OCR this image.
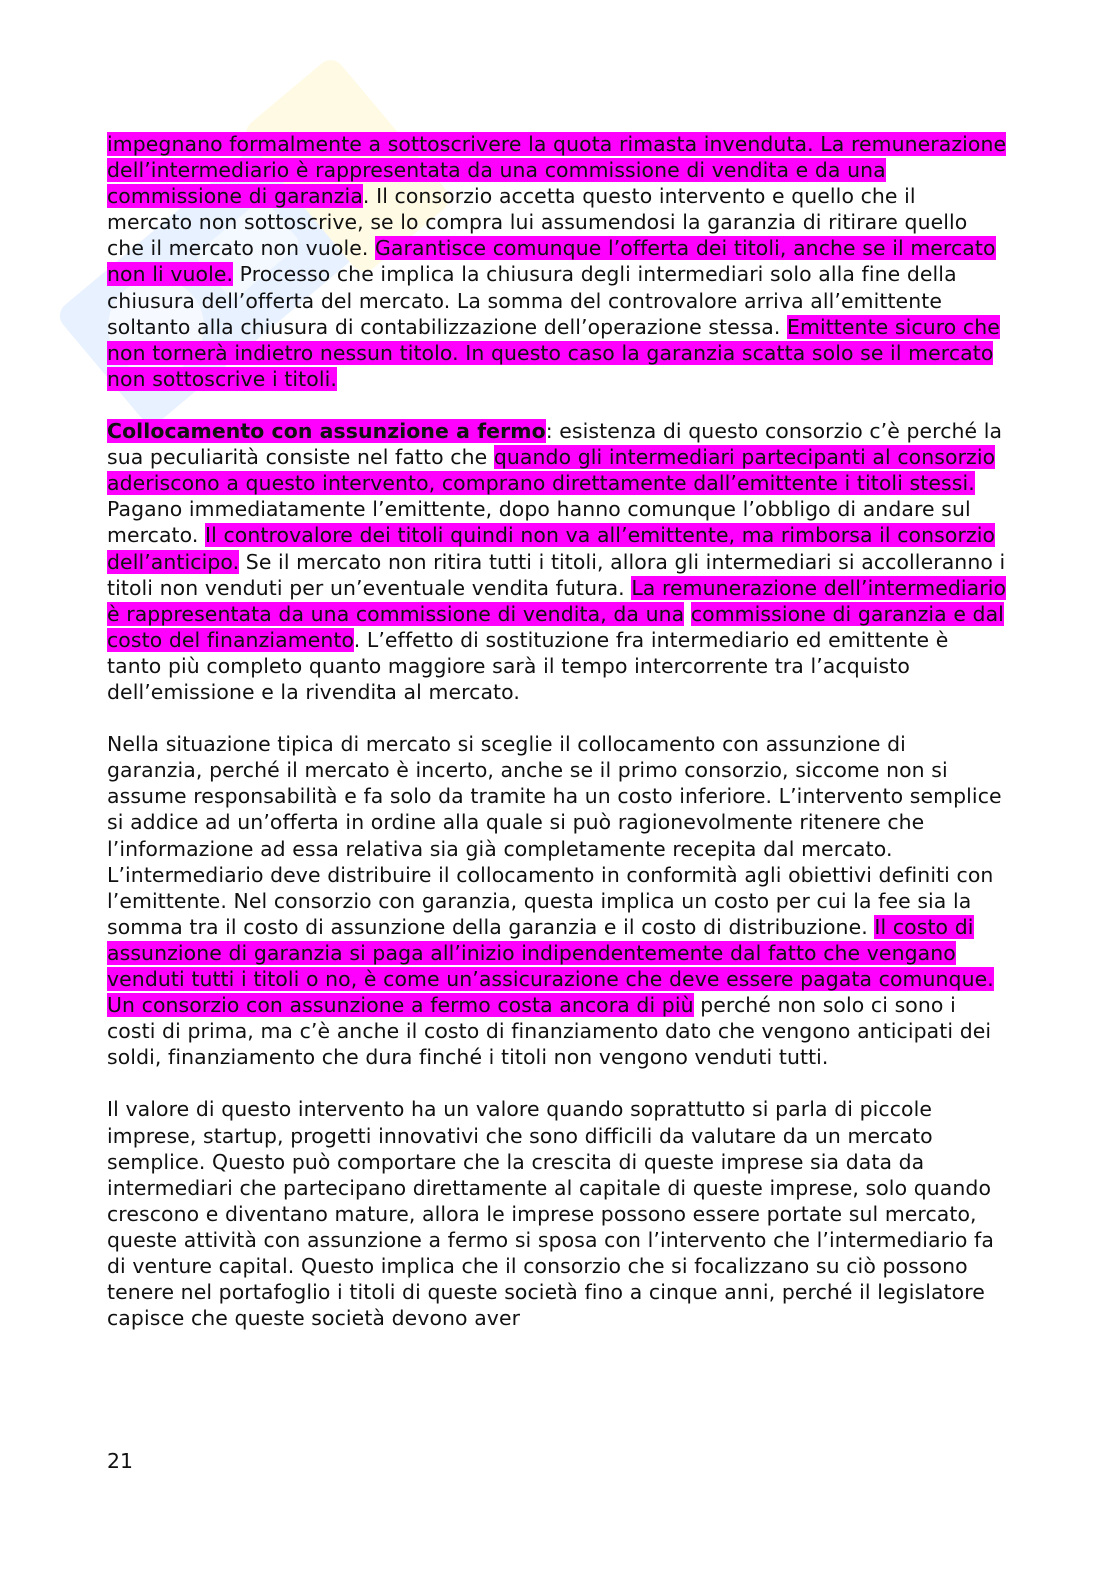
impegnano formalmente a sottoscrivere la quota rimasta invenduta. La remunerazione dell’intermediario è rappresentata da una commissione di vendita e da una commissione di garanzia. Il consorzio accetta questo intervento e quello che il mercato non sottoscrive, se lo compra lui assumendosi la garanzia di ritirare quello che il mercato non vuole. Garantisce comunque l’offerta dei titoli, anche se il mercato non li vuole. Processo che implica la chiusura degli intermediari solo alla fine della chiusura dell’offerta del mercato. La somma del controvalore arriva all’emittente soltanto alla chiusura di contabilizzazione dell’operazione stessa. Emittente sicuro che non tornerà indietro nessun titolo. In questo caso la garanzia scatta solo se il mercato non sottoscrive i titoli.

Collocamento con assunzione a fermo: esistenza di questo consorzio c’è perché la sua peculiarità consiste nel fatto che quando gli intermediari partecipanti al consorzio aderiscono a questo intervento, comprano direttamente dall’emittente i titoli stessi. Pagano immediatamente l’emittente, dopo hanno comunque l’obbligo di andare sul mercato. Il controvalore dei titoli quindi non va all’emittente, ma rimborsa il consorzio dell’anticipo. Se il mercato non ritira tutti i titoli, allora gli intermediari si accolleranno i titoli non venduti per un’eventuale vendita futura. La remunerazione dell’intermediario è rappresentata da una commissione di vendita, da una commissione di garanzia e dal costo del finanziamento. L’effetto di sostituzione fra intermediario ed emittente è tanto più completo quanto maggiore sarà il tempo intercorrente tra l’acquisto dell’emissione e la rivendita al mercato.

Nella situazione tipica di mercato si sceglie il collocamento con assunzione di garanzia, perché il mercato è incerto, anche se il primo consorzio, siccome non si assume responsabilità e fa solo da tramite ha un costo inferiore. L’intervento semplice si addice ad un’offerta in ordine alla quale si può ragionevolmente ritenere che l’informazione ad essa relativa sia già completamente recepita dal mercato. L’intermediario deve distribuire il collocamento in conformità agli obiettivi definiti con l’emittente. Nel consorzio con garanzia, questa implica un costo per cui la fee sia la somma tra il costo di assunzione della garanzia e il costo di distribuzione. Il costo di assunzione di garanzia si paga all’inizio indipendentemente dal fatto che vengano venduti tutti i titoli o no, è come un’assicurazione che deve essere pagata comunque. Un consorzio con assunzione a fermo costa ancora di più perché non solo ci sono i costi di prima, ma c’è anche il costo di finanziamento dato che vengono anticipati dei soldi, finanziamento che dura finché i titoli non vengono venduti tutti.

Il valore di questo intervento ha un valore quando soprattutto si parla di piccole imprese, startup, progetti innovativi che sono difficili da valutare da un mercato semplice. Questo può comportare che la crescita di queste imprese sia data da intermediari che partecipano direttamente al capitale di queste imprese, solo quando crescono e diventano mature, allora le imprese possono essere portate sul mercato, queste attività con assunzione a fermo si sposa con l’intervento che l’intermediario fa di venture capital. Questo implica che il consorzio che si focalizzano su ciò possono tenere nel portafoglio i titoli di queste società fino a cinque anni, perché il legislatore capisce che queste società devono aver

21
